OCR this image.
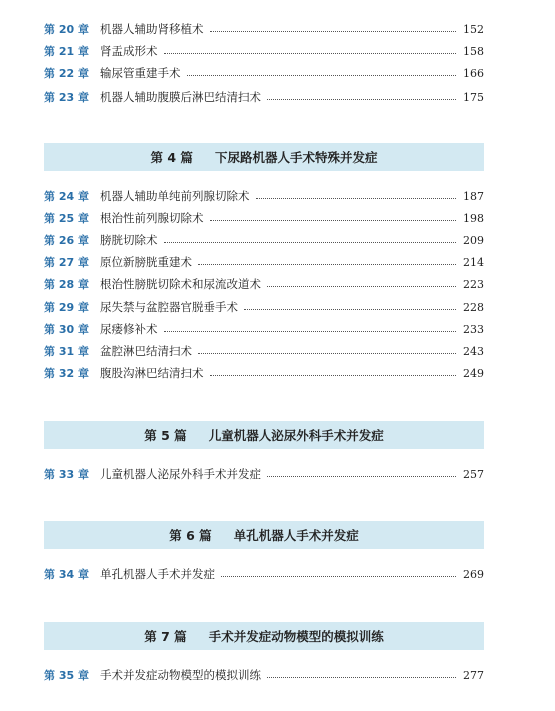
第 20 章 机器人辅助肾移植术	152
第 21 章 肾盂成形术	158
第 22 章 输尿管重建手术	166
第 23 章 机器人辅助腹膜后淋巴结清扫术	175
第 4 篇 下尿路机器人手术特殊并发症
第 24 章 机器人辅助单纯前列腺切除术	187
第 25 章 根治性前列腺切除术	198
第 26 章 膀胱切除术	209
第 27 章 原位新膀胱重建术	214
第 28 章 根治性膀胱切除术和尿流改道术	223
第 29 章 尿失禁与盆腔器官脱垂手术	228
第 30 章 尿瘘修补术	233
第 31 章 盆腔淋巴结清扫术	243
第 32 章 腹股沟淋巴结清扫术	249
第 5 篇 儿童机器人泌尿外科手术并发症
第 33 章 儿童机器人泌尿外科手术并发症	257
第 6 篇 单孔机器人手术并发症
第 34 章 单孔机器人手术并发症	269
第 7 篇 手术并发症动物模型的模拟训练
第 35 章 手术并发症动物模型的模拟训练	277
